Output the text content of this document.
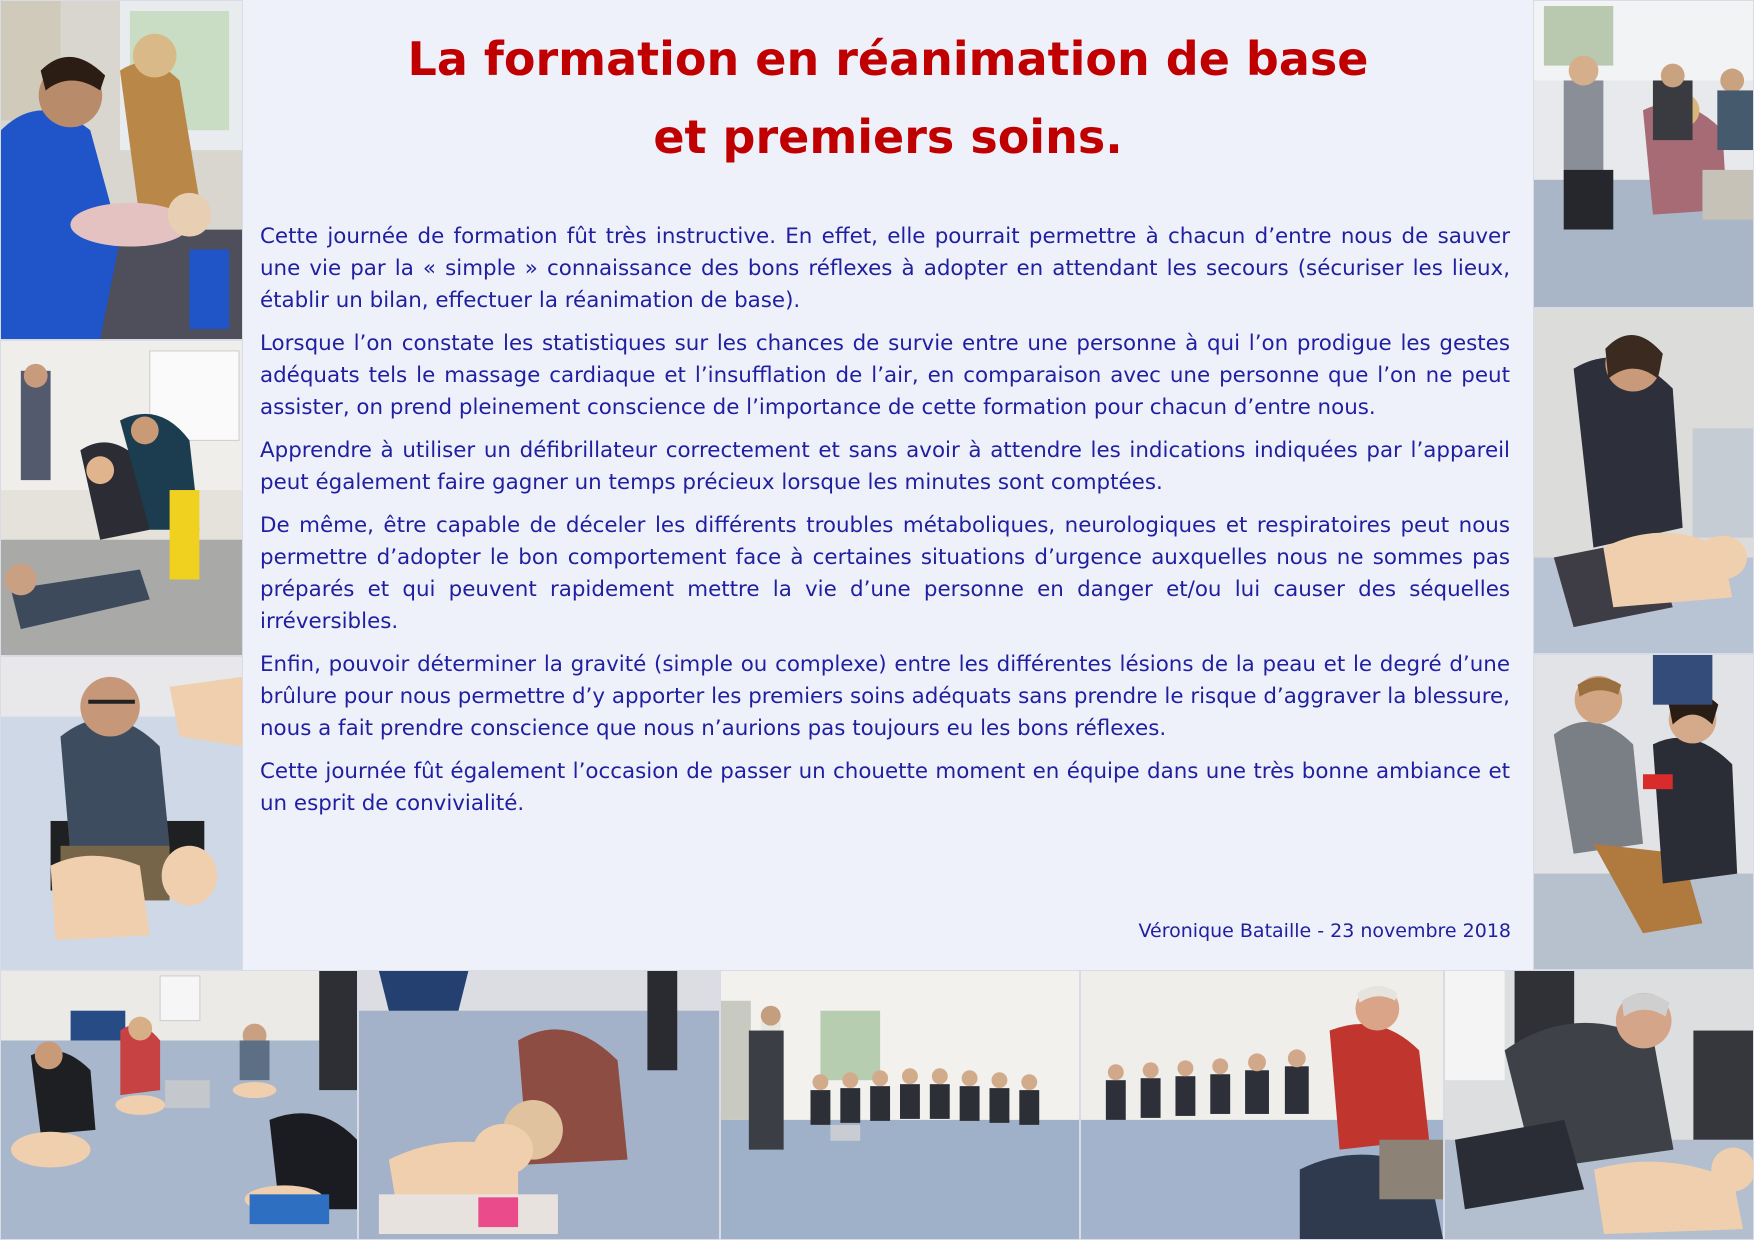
La formation en réanimation de base
et premiers soins.

Cette journée de formation fût très instructive. En effet, elle pourrait permettre à chacun d’entre nous de sauver une vie par la « simple » connaissance des bons réflexes à adopter en attendant les secours (sécuriser les lieux, établir un bilan, effectuer la réanimation de base).

Lorsque l’on constate les statistiques sur les chances de survie entre une personne à qui l’on prodigue les gestes adéquats tels le massage cardiaque et l’insufflation de l’air, en comparaison avec une personne que l’on ne peut assister, on prend pleinement conscience de l’importance de cette formation pour chacun d’entre nous.

Apprendre à utiliser un défibrillateur correctement et sans avoir à attendre les indications indiquées par l’appareil peut également faire gagner un temps précieux lorsque les minutes sont comptées.

De même, être capable de déceler les différents troubles métaboliques, neurologiques et respiratoires peut nous permettre d’adopter le bon comportement face à certaines situations d’urgence auxquelles nous ne sommes pas préparés et qui peuvent rapidement mettre la vie d’une personne en danger et/ou lui causer des séquelles irréversibles.

Enfin, pouvoir déterminer la gravité (simple ou complexe) entre les différentes lésions de la peau et le degré d’une brûlure pour nous permettre d’y apporter les premiers soins adéquats sans prendre le risque d’aggraver la blessure, nous a fait prendre conscience que nous n’aurions pas toujours eu les bons réflexes.

Cette journée fût également l’occasion de passer un chouette moment en équipe dans une très bonne ambiance et un esprit de convivialité.

Véronique Bataille - 23 novembre 2018
